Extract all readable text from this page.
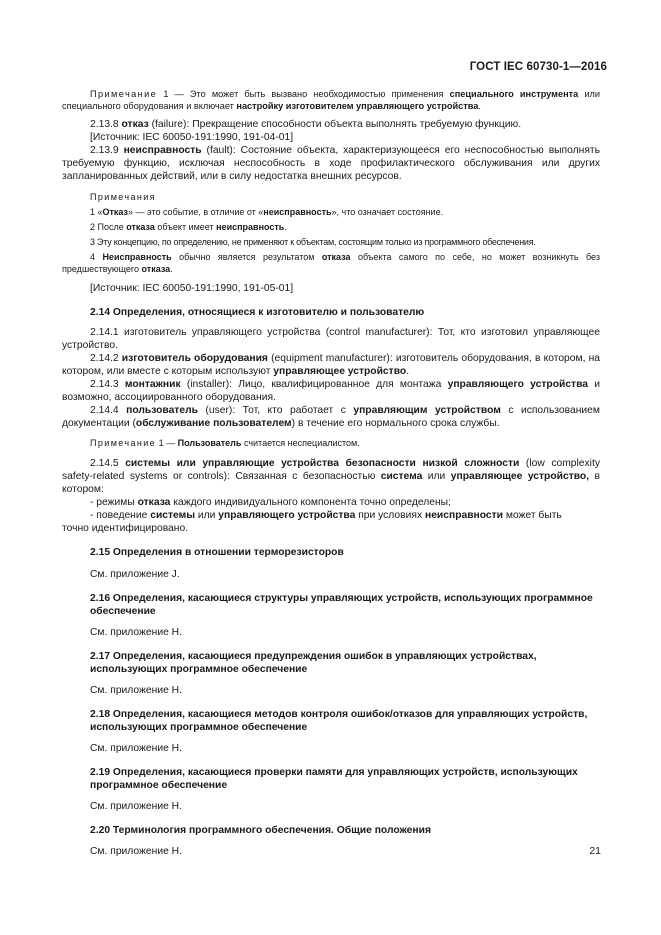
ГОСТ IEC 60730-1—2016

Примечание 1 — Это может быть вызвано необходимостью применения специального инструмента или специального оборудования и включает настройку изготовителем управляющего устройства.

2.13.8 отказ (failure): Прекращение способности объекта выполнять требуемую функцию.

[Источник: IEC 60050-191:1990, 191-04-01]

2.13.9 неисправность (fault): Состояние объекта, характеризующееся его неспособностью выполнять требуемую функцию, исключая неспособность в ходе профилактического обслуживания или других запланированных действий, или в силу недостатка внешних ресурсов.

Примечания

1 «Отказ» — это событие, в отличие от «неисправность», что означает состояние.

2 После отказа объект имеет неисправность.

3 Эту концепцию, по определению, не применяют к объектам, состоящим только из программного обеспечения.

4 Неисправность обычно является результатом отказа объекта самого по себе, но может возникнуть без предшествующего отказа.

[Источник: IEC 60050-191:1990, 191-05-01]

2.14 Определения, относящиеся к изготовителю и пользователю

2.14.1 изготовитель управляющего устройства (control manufacturer): Тот, кто изготовил управляющее устройство.

2.14.2 изготовитель оборудования (equipment manufacturer): изготовитель оборудования, в котором, на котором, или вместе с которым используют управляющее устройство.

2.14.3 монтажник (installer): Лицо, квалифицированное для монтажа управляющего устройства и возможно, ассоциированного оборудования.

2.14.4 пользователь (user): Тот, кто работает с управляющим устройством с использованием документации (обслуживание пользователем) в течение его нормального срока службы.

Примечание 1 — Пользователь считается неспециалистом.

2.14.5 системы или управляющие устройства безопасности низкой сложности (low complexity safety-related systems or controls): Связанная с безопасностью система или управляющее устройство, в котором:

- режимы отказа каждого индивидуального компонента точно определены;

- поведение системы или управляющего устройства при условиях неисправности может быть

точно идентифицировано.

2.15 Определения в отношении терморезисторов

См. приложение J.

2.16 Определения, касающиеся структуры управляющих устройств, использующих программное обеспечение

См. приложение Н.

2.17 Определения, касающиеся предупреждения ошибок в управляющих устройствах, использующих программное обеспечение

См. приложение Н.

2.18 Определения, касающиеся методов контроля ошибок/отказов для управляющих устройств, использующих программное обеспечение

См. приложение Н.

2.19 Определения, касающиеся проверки памяти для управляющих устройств, использующих программное обеспечение

См. приложение Н.

2.20 Терминология программного обеспечения. Общие положения

См. приложение Н.	21
